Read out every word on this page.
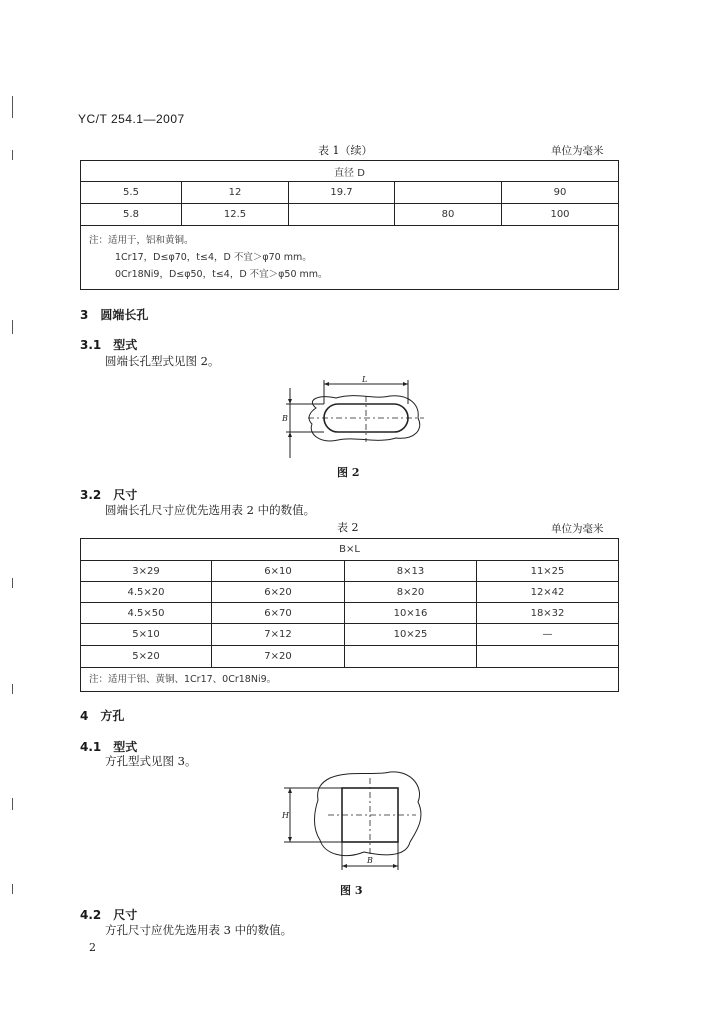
YC/T 254.1—2007
表 1（续）	单位为毫米
直径 D				
5.5	12	19.7		90
5.8	12.5		80	100

注：适用于，铝和黄铜。
1Cr17，D≤φ70，t≤4，D 不宜＞φ70 mm。
0Cr18Ni9，D≤φ50，t≤4，D 不宜＞φ50 mm。				
3　圆端长孔
3.1　型式
圆端长孔型式见图 2。
L
B
图 2
3.2　尺寸
圆端长孔尺寸应优先选用表 2 中的数值。
表 2	单位为毫米
B×L			
3×29	6×10	8×13	11×25
4.5×20	6×20	8×20	12×42
4.5×50	6×70	10×16	18×32
5×10	7×12	10×25	—
5×20	7×20		
注：适用于铝、黄铜、1Cr17、0Cr18Ni9。			
4　方孔
4.1　型式
方孔型式见图 3。
H
B
图 3
4.2　尺寸
方孔尺寸应优先选用表 3 中的数值。
2
